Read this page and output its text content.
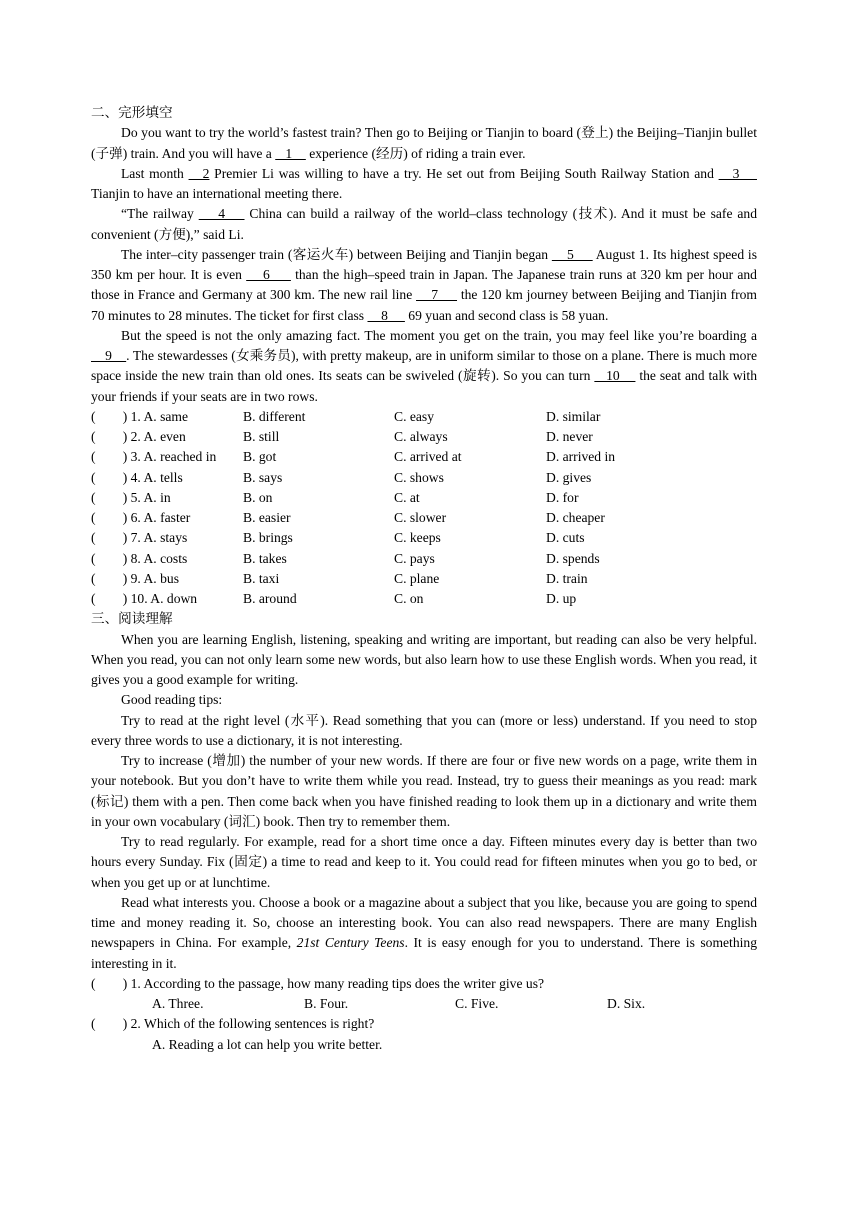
二、完形填空

Do you want to try the world’s fastest train? Then go to Beijing or Tianjin to board (登上) the Beijing–Tianjin bullet (子弹) train. And you will have a    1     experience (经历) of riding a train ever.

Last month    2 Premier Li was willing to have a try. He set out from Beijing South Railway Station and    3     Tianjin to have an international meeting there.

“The railway     4     China can build a railway of the world–class technology (技术). And it must be safe and convenient (方便),” said Li.

The inter–city passenger train (客运火车) between Beijing and Tianjin began     5      August 1. Its highest speed is 350 km per hour. It is even     6      than the high–speed train in Japan. The Japanese train runs at 320 km per hour and those in France and Germany at 300 km. The new rail line     7      the 120 km journey between Beijing and Tianjin from 70 minutes to 28 minutes. The ticket for first class     8      69 yuan and second class is 58 yuan.

But the speed is not the only amazing fact. The moment you get on the train, you may feel like you’re boarding a     9    . The stewardesses (女乘务员), with pretty makeup, are in uniform similar to those on a plane. There is much more space inside the new train than old ones. Its seats can be swiveled (旋转). So you can turn    10     the seat and talk with your friends if your seats are in two rows.

(        ) 1. A. same	B. different	C. easy	D. similar
(        ) 2. A. even	B. still	C. always	D. never
(        ) 3. A. reached in	B. got	C. arrived at	D. arrived in
(        ) 4. A. tells	B. says	C. shows	D. gives
(        ) 5. A. in	B. on	C. at	D. for
(        ) 6. A. faster	B. easier	C. slower	D. cheaper
(        ) 7. A. stays	B. brings	C. keeps	D. cuts
(        ) 8. A. costs	B. takes	C. pays	D. spends
(        ) 9. A. bus	B. taxi	C. plane	D. train
(        ) 10. A. down	B. around	C. on	D. up

三、阅读理解

When you are learning English, listening, speaking and writing are important, but reading can also be very helpful. When you read, you can not only learn some new words, but also learn how to use these English words. When you read, it gives you a good example for writing.

Good reading tips:

Try to read at the right level (水平). Read something that you can (more or less) understand. If you need to stop every three words to use a dictionary, it is not interesting.

Try to increase (增加) the number of your new words. If there are four or five new words on a page, write them in your notebook. But you don’t have to write them while you read. Instead, try to guess their meanings as you read: mark (标记) them with a pen. Then come back when you have finished reading to look them up in a dictionary and write them in your own vocabulary (词汇) book. Then try to remember them.

Try to read regularly. For example, read for a short time once a day. Fifteen minutes every day is better than two hours every Sunday. Fix (固定) a time to read and keep to it. You could read for fifteen minutes when you go to bed, or when you get up or at lunchtime.

Read what interests you. Choose a book or a magazine about a subject that you like, because you are going to spend time and money reading it. So, choose an interesting book. You can also read newspapers. There are many English newspapers in China. For example, 21st Century Teens. It is easy enough for you to understand. There is something interesting in it.

(        ) 1. According to the passage, how many reading tips does the writer give us?

A. Three.	B. Four.	C. Five.	D. Six.

(        ) 2. Which of the following sentences is right?

A. Reading a lot can help you write better.
